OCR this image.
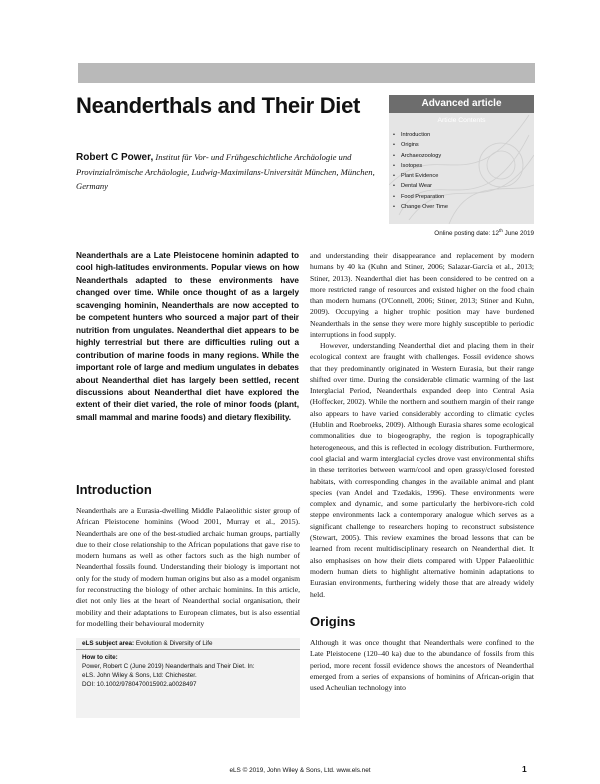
Neanderthals and Their Diet

Robert C Power, Institut für Vor- und Frühgeschichtliche Archäologie und Provinzialrömische Archäologie, Ludwig-Maximilans-Universität München, München, Germany

Advanced article
Article Contents
• Introduction
• Origins
• Archaeozoology
• Isotopes
• Plant Evidence
• Dental Wear
• Food Preparation
• Change Over Time
Online posting date: 12th June 2019

Neanderthals are a Late Pleistocene hominin adapted to cool high-latitudes environments. Popular views on how Neanderthals adapted to these environments have changed over time. While once thought of as a largely scavenging hominin, Neanderthals are now accepted to be competent hunters who sourced a major part of their nutrition from ungulates. Neanderthal diet appears to be highly terrestrial but there are difficulties ruling out a contribution of marine foods in many regions. While the important role of large and medium ungulates in debates about Neanderthal diet has largely been settled, recent discussions about Neanderthal diet have explored the extent of their diet varied, the role of minor foods (plant, small mammal and marine foods) and dietary flexibility.

Introduction

Neanderthals are a Eurasia-dwelling Middle Palaeolithic sister group of African Pleistocene hominins (Wood 2001, Murray et al., 2015). Neanderthals are one of the best-studied archaic human groups, partially due to their close relationship to the African populations that gave rise to modern humans as well as other factors such as the high number of Neanderthal fossils found. Understanding their biology is important not only for the study of modern human origins but also as a model organism for reconstructing the biology of other archaic hominins. In this article, diet not only lies at the heart of Neanderthal social organisation, their mobility and their adaptations to European climates, but is also essential for modelling their behavioural modernity

eLS subject area: Evolution & Diversity of Life

How to cite:
Power, Robert C (June 2019) Neanderthals and Their Diet. In:
eLS. John Wiley & Sons, Ltd: Chichester.
DOI: 10.1002/9780470015902.a0028497

and understanding their disappearance and replacement by modern humans by 40 ka (Kuhn and Stiner, 2006; Salazar-García et al., 2013; Stiner, 2013). Neanderthal diet has been considered to be centred on a more restricted range of resources and existed higher on the food chain than modern humans (O'Connell, 2006; Stiner, 2013; Stiner and Kuhn, 2009). Occupying a higher trophic position may have burdened Neanderthals in the sense they were more highly susceptible to periodic interruptions in food supply.

However, understanding Neanderthal diet and placing them in their ecological context are fraught with challenges. Fossil evidence shows that they predominantly originated in Western Eurasia, but their range shifted over time. During the considerable climatic warming of the last Interglacial Period, Neanderthals expanded deep into Central Asia (Hoffecker, 2002). While the northern and southern margin of their range also appears to have varied considerably according to climatic cycles (Hublin and Roebroeks, 2009). Although Eurasia shares some ecological commonalities due to biogeography, the region is topographically heterogeneous, and this is reflected in ecology distribution. Furthermore, cool glacial and warm interglacial cycles drove vast environmental shifts in these territories between warm/cool and open grassy/closed forested habitats, with corresponding changes in the available animal and plant species (van Andel and Tzedakis, 1996). These environments were complex and dynamic, and some particularly the herbivore-rich cold steppe environments lack a contemporary analogue which serves as a significant challenge to researchers hoping to reconstruct subsistence (Stewart, 2005). This review examines the broad lessons that can be learned from recent multidisciplinary research on Neanderthal diet. It also emphasises on how their diets compared with Upper Palaeolithic modern human diets to highlight alternative hominin adaptations to Eurasian environments, furthering widely those that are already widely held.

Origins

Although it was once thought that Neanderthals were confined to the Late Pleistocene (120–40 ka) due to the abundance of fossils from this period, more recent fossil evidence shows the ancestors of Neanderthal emerged from a series of expansions of hominins of African-origin that used Acheulian technology into

eLS © 2019, John Wiley & Sons, Ltd. www.els.net	1
